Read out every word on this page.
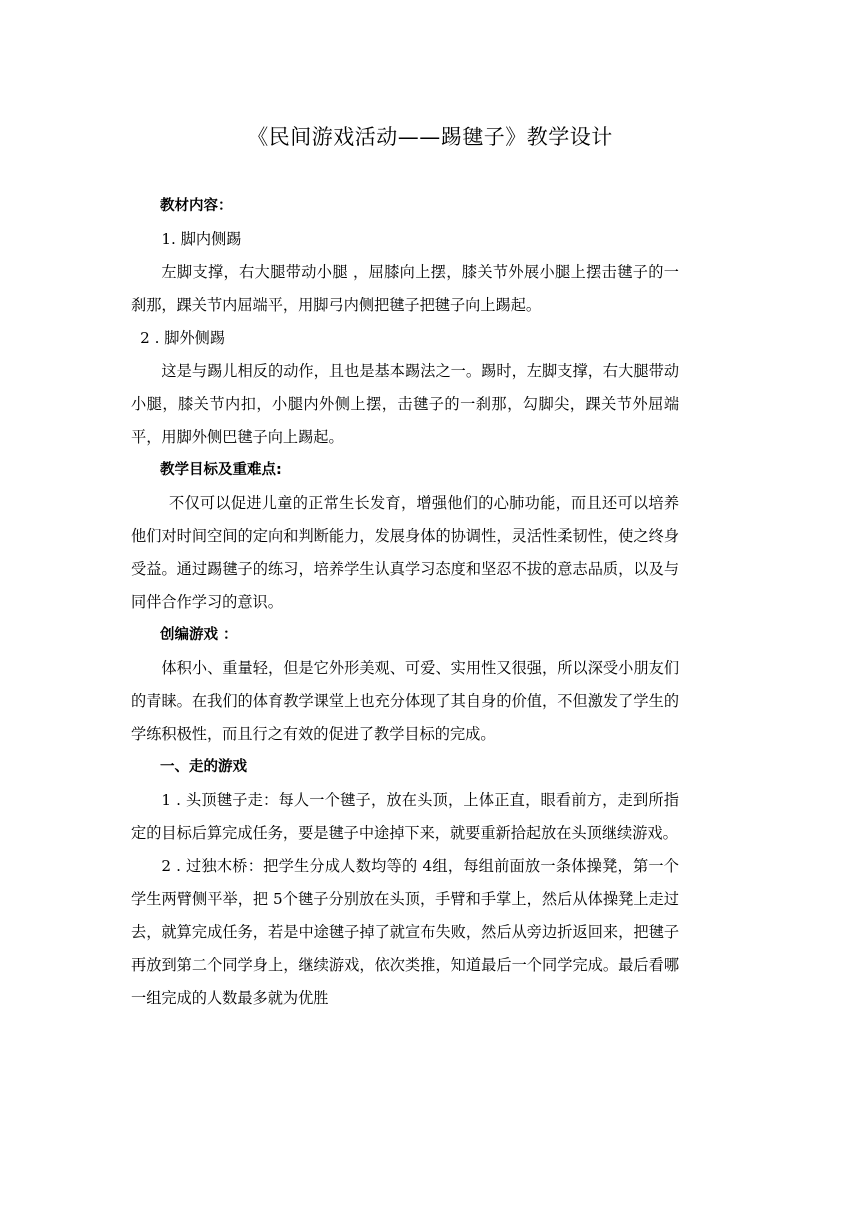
《民间游戏活动——踢毽子》教学设计

教材内容：

1. 脚内侧踢

左脚支撑，右大腿带动小腿 ，屈膝向上摆，膝关节外展小腿上摆击毽子的一刹那，踝关节内屈端平，用脚弓内侧把毽子把毽子向上踢起。

2 . 脚外侧踢

这是与踢儿相反的动作，且也是基本踢法之一。踢时，左脚支撑，右大腿带动小腿，膝关节内扣，小腿内外侧上摆，击毽子的一刹那，勾脚尖，踝关节外屈端平，用脚外侧巴毽子向上踢起。

教学目标及重难点:

不仅可以促进儿童的正常生长发育，增强他们的心肺功能，而且还可以培养他们对时间空间的定向和判断能力，发展身体的协调性，灵活性柔韧性，使之终身受益。通过踢毽子的练习，培养学生认真学习态度和坚忍不拔的意志品质，以及与同伴合作学习的意识。

创编游戏 ：

体积小、重量轻，但是它外形美观、可爱、实用性又很强，所以深受小朋友们的青睐。在我们的体育教学课堂上也充分体现了其自身的价值，不但激发了学生的学练积极性，而且行之有效的促进了教学目标的完成。

一、走的游戏

1 . 头顶毽子走：每人一个毽子，放在头顶，上体正直，眼看前方，走到所指定的目标后算完成任务，要是毽子中途掉下来，就要重新拾起放在头顶继续游戏。

2 . 过独木桥：把学生分成人数均等的 4组，每组前面放一条体操凳，第一个学生两臂侧平举，把 5个毽子分别放在头顶，手臂和手掌上，然后从体操凳上走过去，就算完成任务，若是中途毽子掉了就宣布失败，然后从旁边折返回来，把毽子再放到第二个同学身上，继续游戏，依次类推，知道最后一个同学完成。最后看哪一组完成的人数最多就为优胜
